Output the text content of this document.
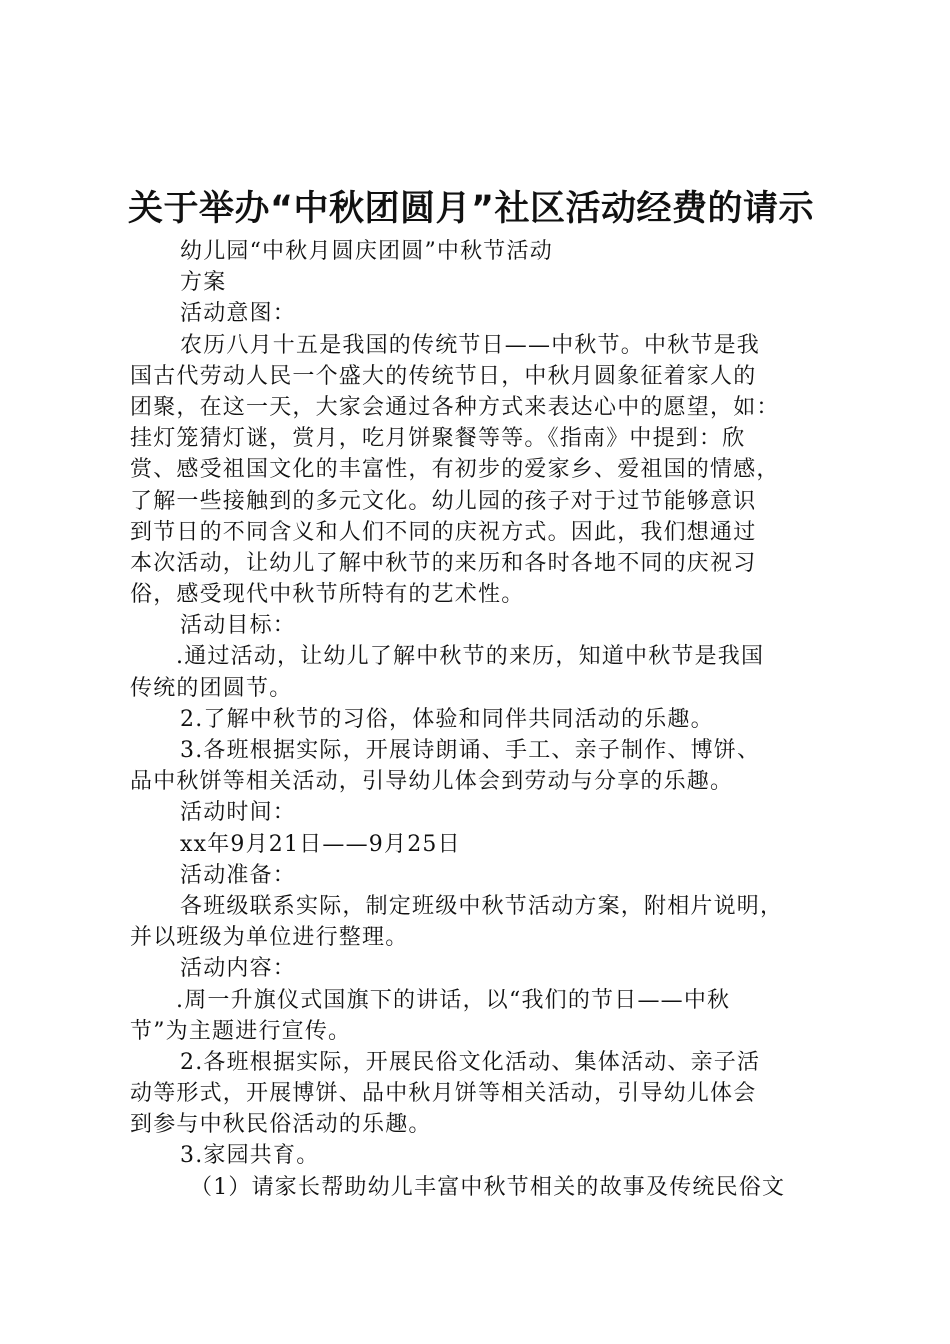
关于举办“中秋团圆月”社区活动经费的请示
幼儿园“中秋月圆庆团圆”中秋节活动
方案
活动意图：
农历八月十五是我国的传统节日——中秋节。中秋节是我
国古代劳动人民一个盛大的传统节日，中秋月圆象征着家人的
团聚，在这一天，大家会通过各种方式来表达心中的愿望，如：
挂灯笼猜灯谜，赏月，吃月饼聚餐等等。《指南》中提到：欣
赏、感受祖国文化的丰富性，有初步的爱家乡、爱祖国的情感，
了解一些接触到的多元文化。幼儿园的孩子对于过节能够意识
到节日的不同含义和人们不同的庆祝方式。因此，我们想通过
本次活动，让幼儿了解中秋节的来历和各时各地不同的庆祝习
俗，感受现代中秋节所特有的艺术性。
活动目标：
.通过活动，让幼儿了解中秋节的来历，知道中秋节是我国
传统的团圆节。
2.了解中秋节的习俗，体验和同伴共同活动的乐趣。
3.各班根据实际，开展诗朗诵、手工、亲子制作、博饼、
品中秋饼等相关活动，引导幼儿体会到劳动与分享的乐趣。
活动时间：
xx年9月21日——9月25日
活动准备：
各班级联系实际，制定班级中秋节活动方案，附相片说明，
并以班级为单位进行整理。
活动内容：
.周一升旗仪式国旗下的讲话，以“我们的节日——中秋
节”为主题进行宣传。
2.各班根据实际，开展民俗文化活动、集体活动、亲子活
动等形式，开展博饼、品中秋月饼等相关活动，引导幼儿体会
到参与中秋民俗活动的乐趣。
3.家园共育。
（1）请家长帮助幼儿丰富中秋节相关的故事及传统民俗文
